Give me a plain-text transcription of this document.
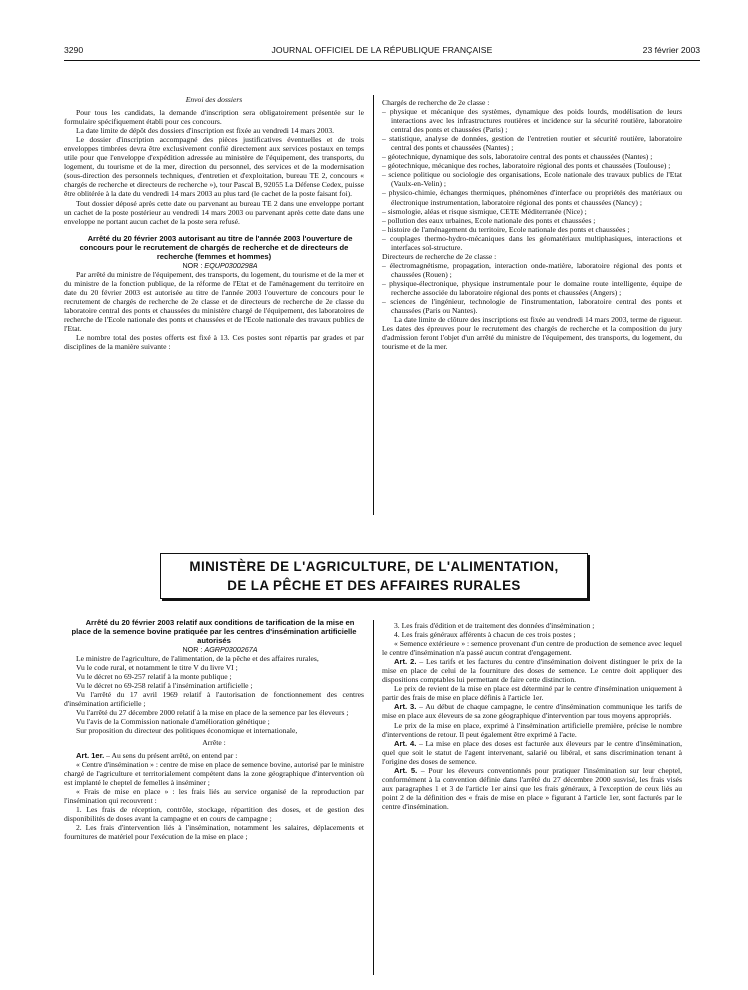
3290	JOURNAL OFFICIEL DE LA RÉPUBLIQUE FRANÇAISE	23 février 2003

Envoi des dossiers

Pour tous les candidats, la demande d'inscription sera obligatoirement présentée sur le formulaire spécifiquement établi pour ces concours.

La date limite de dépôt des dossiers d'inscription est fixée au vendredi 14 mars 2003.

Le dossier d'inscription accompagné des pièces justificatives éventuelles et de trois enveloppes timbrées devra être exclusivement confié directement aux services postaux en temps utile pour que l'enveloppe d'expédition adressée au ministère de l'équipement, des transports, du logement, du tourisme et de la mer, direction du personnel, des services et de la modernisation (sous-direction des personnels techniques, d'entretien et d'exploitation, bureau TE 2, concours « chargés de recherche et directeurs de recherche »), tour Pascal B, 92055 La Défense Cedex, puisse être oblitérée à la date du vendredi 14 mars 2003 au plus tard (le cachet de la poste faisant foi).

Tout dossier déposé après cette date ou parvenant au bureau TE 2 dans une enveloppe portant un cachet de la poste postérieur au vendredi 14 mars 2003 ou parvenant après cette date dans une enveloppe ne portant aucun cachet de la poste sera refusé.

Arrêté du 20 février 2003 autorisant au titre de l'année 2003 l'ouverture de concours pour le recrutement de chargés de recherche et de directeurs de recherche (femmes et hommes)

NOR : EQUP0300298A

Par arrêté du ministre de l'équipement, des transports, du logement, du tourisme et de la mer et du ministre de la fonction publique, de la réforme de l'Etat et de l'aménagement du territoire en date du 20 février 2003 est autorisée au titre de l'année 2003 l'ouverture de concours pour le recrutement de chargés de recherche de 2e classe et de directeurs de recherche de 2e classe du laboratoire central des ponts et chaussées du ministère chargé de l'équipement, des laboratoires de recherche de l'Ecole nationale des ponts et chaussées et de l'Ecole nationale des travaux publics de l'Etat.

Le nombre total des postes offerts est fixé à 13. Ces postes sont répartis par grades et par disciplines de la manière suivante :

Chargés de recherche de 2e classe :

– physique et mécanique des systèmes, dynamique des poids lourds, modélisation de leurs interactions avec les infrastructures routières et incidence sur la sécurité routière, laboratoire central des ponts et chaussées (Paris) ;
– statistique, analyse de données, gestion de l'entretien routier et sécurité routière, laboratoire central des ponts et chaussées (Nantes) ;
– géotechnique, dynamique des sols, laboratoire central des ponts et chaussées (Nantes) ;
– géotechnique, mécanique des roches, laboratoire régional des ponts et chaussées (Toulouse) ;
– science politique ou sociologie des organisations, Ecole nationale des travaux publics de l'Etat (Vaulx-en-Velin) ;
– physico-chimie, échanges thermiques, phénomènes d'interface ou propriétés des matériaux ou électronique instrumentation, laboratoire régional des ponts et chaussées (Nancy) ;
– sismologie, aléas et risque sismique, CETE Méditerranée (Nice) ;
– pollution des eaux urbaines, Ecole nationale des ponts et chaussées ;
– histoire de l'aménagement du territoire, Ecole nationale des ponts et chaussées ;
– couplages thermo-hydro-mécaniques dans les géomatériaux multiphasiques, interactions et interfaces sol-structure.

Directeurs de recherche de 2e classe :

– électromagnétisme, propagation, interaction onde-matière, laboratoire régional des ponts et chaussées (Rouen) ;
– physique-électronique, physique instrumentale pour le domaine route intelligente, équipe de recherche associée du laboratoire régional des ponts et chaussées (Angers) ;
– sciences de l'ingénieur, technologie de l'instrumentation, laboratoire central des ponts et chaussées (Paris ou Nantes).

La date limite de clôture des inscriptions est fixée au vendredi 14 mars 2003, terme de rigueur. Les dates des épreuves pour le recrutement des chargés de recherche et la composition du jury d'admission feront l'objet d'un arrêté du ministre de l'équipement, des transports, du logement, du tourisme et de la mer.

MINISTÈRE DE L'AGRICULTURE, DE L'ALIMENTATION,
DE LA PÊCHE ET DES AFFAIRES RURALES

Arrêté du 20 février 2003 relatif aux conditions de tarification de la mise en place de la semence bovine pratiquée par les centres d'insémination artificielle autorisés

NOR : AGRP0300267A

Le ministre de l'agriculture, de l'alimentation, de la pêche et des affaires rurales,

Vu le code rural, et notamment le titre V du livre VI ;

Vu le décret no 69-257 relatif à la monte publique ;

Vu le décret no 69-258 relatif à l'insémination artificielle ;

Vu l'arrêté du 17 avril 1969 relatif à l'autorisation de fonctionnement des centres d'insémination artificielle ;

Vu l'arrêté du 27 décembre 2000 relatif à la mise en place de la semence par les éleveurs ;

Vu l'avis de la Commission nationale d'amélioration génétique ;

Sur proposition du directeur des politiques économique et internationale,

Arrête :

Art. 1er. – Au sens du présent arrêté, on entend par :

« Centre d'insémination » : centre de mise en place de semence bovine, autorisé par le ministre chargé de l'agriculture et territorialement compétent dans la zone géographique d'intervention où est implanté le cheptel de femelles à inséminer ;

« Frais de mise en place » : les frais liés au service organisé de la reproduction par l'insémination qui recouvrent :

1. Les frais de réception, contrôle, stockage, répartition des doses, et de gestion des disponibilités de doses avant la campagne et en cours de campagne ;

2. Les frais d'intervention liés à l'insémination, notamment les salaires, déplacements et fournitures de matériel pour l'exécution de la mise en place ;

3. Les frais d'édition et de traitement des données d'insémination ;

4. Les frais généraux afférents à chacun de ces trois postes ;

« Semence extérieure » : semence provenant d'un centre de production de semence avec lequel le centre d'insémination n'a passé aucun contrat d'engagement.

Art. 2. – Les tarifs et les factures du centre d'insémination doivent distinguer le prix de la mise en place de celui de la fourniture des doses de semence. Le centre doit appliquer des dispositions comptables lui permettant de faire cette distinction.

Le prix de revient de la mise en place est déterminé par le centre d'insémination uniquement à partir des frais de mise en place définis à l'article 1er.

Art. 3. – Au début de chaque campagne, le centre d'insémination communique les tarifs de mise en place aux éleveurs de sa zone géographique d'intervention par tous moyens appropriés.

Le prix de la mise en place, exprimé à l'insémination artificielle première, précise le nombre d'interventions de retour. Il peut également être exprimé à l'acte.

Art. 4. – La mise en place des doses est facturée aux éleveurs par le centre d'insémination, quel que soit le statut de l'agent intervenant, salarié ou libéral, et sans discrimination tenant à l'origine des doses de semence.

Art. 5. – Pour les éleveurs conventionnés pour pratiquer l'insémination sur leur cheptel, conformément à la convention définie dans l'arrêté du 27 décembre 2000 susvisé, les frais visés aux paragraphes 1 et 3 de l'article 1er ainsi que les frais généraux, à l'exception de ceux liés au point 2 de la définition des « frais de mise en place » figurant à l'article 1er, sont facturés par le centre d'insémination.
